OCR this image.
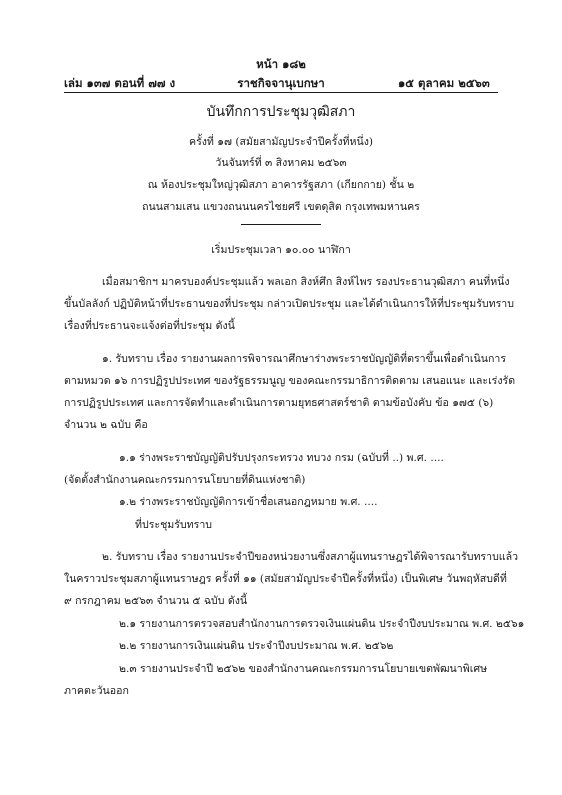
หน้า ๑๘๒
เล่ม ๑๓๗ ตอนที่ ๗๗ ง	ราชกิจจานุเบกษา	๑๕ ตุลาคม ๒๕๖๓
บันทึกการประชุมวุฒิสภา
ครั้งที่ ๑๗ (สมัยสามัญประจำปีครั้งที่หนึ่ง)
วันจันทร์ที่ ๓ สิงหาคม ๒๕๖๓
ณ ห้องประชุมใหญ่วุฒิสภา อาคารรัฐสภา (เกียกกาย) ชั้น ๒
ถนนสามเสน แขวงถนนนครไชยศรี เขตดุสิต กรุงเทพมหานคร
เริ่มประชุมเวลา ๑๐.๐๐ นาฬิกา
เมื่อสมาชิกฯ มาครบองค์ประชุมแล้ว พลเอก สิงห์ศึก สิงห์ไพร รองประธานวุฒิสภา คนที่หนึ่ง
ขึ้นบัลลังก์ ปฏิบัติหน้าที่ประธานของที่ประชุม กล่าวเปิดประชุม และได้ดำเนินการให้ที่ประชุมรับทราบ
เรื่องที่ประธานจะแจ้งต่อที่ประชุม ดังนี้
๑. รับทราบ เรื่อง รายงานผลการพิจารณาศึกษาร่างพระราชบัญญัติที่ตราขึ้นเพื่อดำเนินการ
ตามหมวด ๑๖ การปฏิรูปประเทศ ของรัฐธรรมนูญ ของคณะกรรมาธิการติดตาม เสนอแนะ และเร่งรัด
การปฏิรูปประเทศ และการจัดทำและดำเนินการตามยุทธศาสตร์ชาติ ตามข้อบังคับ ข้อ ๑๗๕ (๖)
จำนวน ๒ ฉบับ คือ
๑.๑ ร่างพระราชบัญญัติปรับปรุงกระทรวง ทบวง กรม (ฉบับที่ ..) พ.ศ. ....
(จัดตั้งสำนักงานคณะกรรมการนโยบายที่ดินแห่งชาติ)
๑.๒ ร่างพระราชบัญญัติการเข้าชื่อเสนอกฎหมาย พ.ศ. ....
ที่ประชุมรับทราบ
๒. รับทราบ เรื่อง รายงานประจำปีของหน่วยงานซึ่งสภาผู้แทนราษฎรได้พิจารณารับทราบแล้ว
ในคราวประชุมสภาผู้แทนราษฎร ครั้งที่ ๑๑ (สมัยสามัญประจำปีครั้งที่หนึ่ง) เป็นพิเศษ วันพฤหัสบดีที่
๙ กรกฎาคม ๒๕๖๓ จำนวน ๕ ฉบับ ดังนี้
๒.๑ รายงานการตรวจสอบสำนักงานการตรวจเงินแผ่นดิน ประจำปีงบประมาณ พ.ศ. ๒๕๖๑
๒.๒ รายงานการเงินแผ่นดิน ประจำปีงบประมาณ พ.ศ. ๒๕๖๒
๒.๓ รายงานประจำปี ๒๕๖๒ ของสำนักงานคณะกรรมการนโยบายเขตพัฒนาพิเศษ
ภาคตะวันออก
